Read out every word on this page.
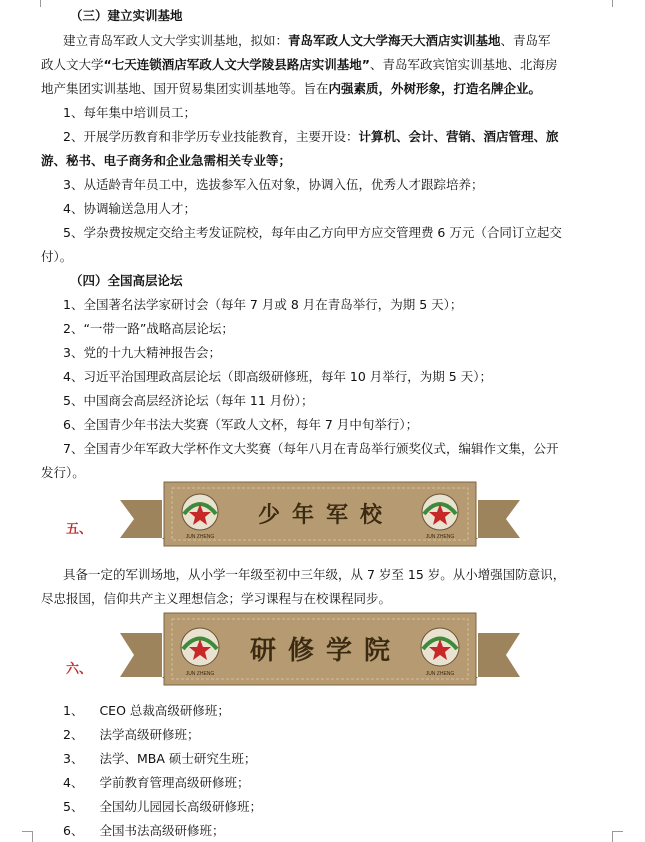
（三）建立实训基地
建立青岛军政人文大学实训基地，拟如：青岛军政人文大学海天大酒店实训基地、青岛军
政人文大学“七天连锁酒店军政人文大学陵县路店实训基地”、青岛军政宾馆实训基地、北海房
地产集团实训基地、国开贸易集团实训基地等。旨在内强素质，外树形象，打造名牌企业。
1、每年集中培训员工；
2、开展学历教育和非学历专业技能教育，主要开设：计算机、会计、营销、酒店管理、旅
游、秘书、电子商务和企业急需相关专业等；
3、从适龄青年员工中，选拔参军入伍对象，协调入伍，优秀人才跟踪培养；
4、协调输送急用人才；
5、学杂费按规定交给主考发证院校，每年由乙方向甲方应交管理费 6 万元（合同订立起交
付）。
（四）全国高层论坛
1、全国著名法学家研讨会（每年 7 月或 8 月在青岛举行，为期 5 天）；
2、“一带一路”战略高层论坛；
3、党的十九大精神报告会；
4、习近平治国理政高层论坛（即高级研修班，每年 10 月举行，为期 5 天）；
5、中国商会高层经济论坛（每年 11 月份）；
6、全国青少年书法大奖赛（军政人文杯，每年 7 月中旬举行）；
7、全国青少年军政大学杯作文大奖赛（每年八月在青岛举行颁奖仪式，编辑作文集，公开
发行）。
五、	JUN ZHENG	JUN ZHENG
少年军校
具备一定的军训场地，从小学一年级至初中三年级，从 7 岁至 15 岁。从小增强国防意识，
尽忠报国，信仰共产主义理想信念；学习课程与在校课程同步。
六、	JUN ZHENG	JUN ZHENG
研修学院
1、 CEO 总裁高级研修班；
2、 法学高级研修班；
3、 法学、MBA 硕士研究生班；
4、 学前教育管理高级研修班；
5、 全国幼儿园园长高级研修班；
6、 全国书法高级研修班；
